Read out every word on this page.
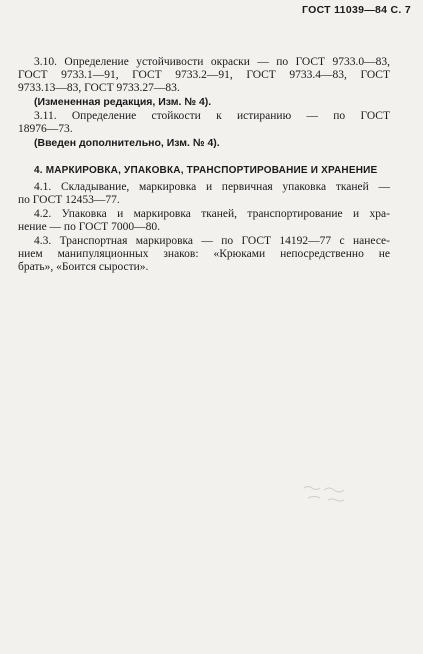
ГОСТ 11039—84 С. 7
3.10. Определение устойчивости окраски — по ГОСТ 9733.0—83,
ГОСТ 9733.1—91, ГОСТ 9733.2—91, ГОСТ 9733.4—83, ГОСТ
9733.13—83, ГОСТ 9733.27—83.
(Измененная редакция, Изм. № 4).
3.11. Определение стойкости к истиранию — по ГОСТ
18976—73.
(Введен дополнительно, Изм. № 4).
4. МАРКИРОВКА, УПАКОВКА, ТРАНСПОРТИРОВАНИЕ И ХРАНЕНИЕ
4.1. Складывание, маркировка и первичная упаковка тканей —
по ГОСТ 12453—77.
4.2. Упаковка и маркировка тканей, транспортирование и хра-
нение — по ГОСТ 7000—80.
4.3. Транспортная маркировка — по ГОСТ 14192—77 с нанесе-
нием манипуляционных знаков: «Крюками непосредственно не
брать», «Боится сырости».
